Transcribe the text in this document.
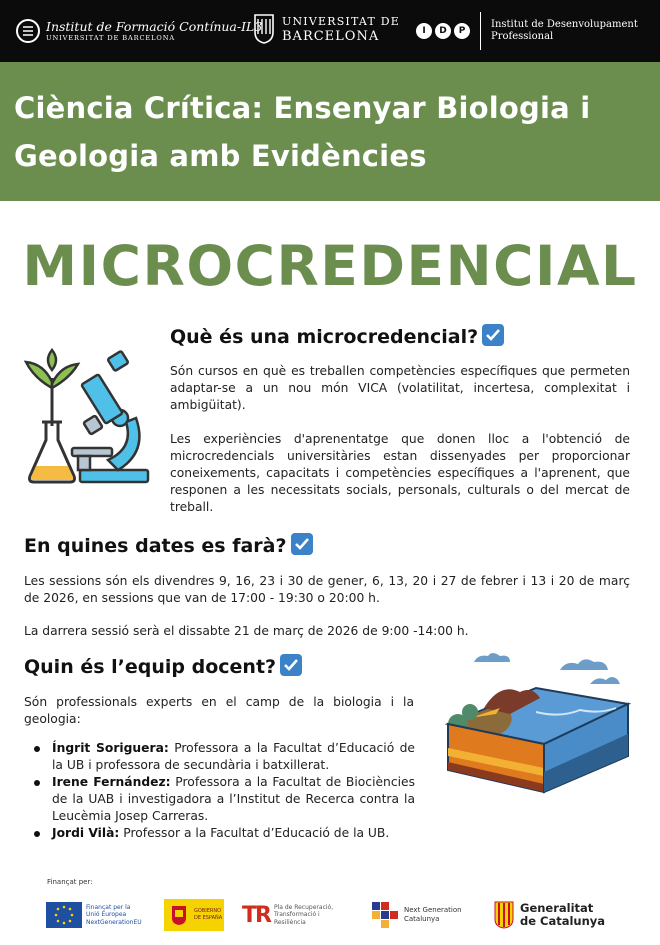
Institut de Formació Contínua-IL3
UNIVERSITAT DE BARCELONA
UNIVERSITAT DE
BARCELONA	I	D	P
Institut de Desenvolupament
Professional
Ciència Crítica: Ensenyar Biologia i Geologia amb Evidències
MICROCREDENCIAL
Què és una microcredencial?
Són cursos en què es treballen competències específiques que permeten adaptar-se a un nou món VICA (volatilitat, incertesa, complexitat i ambigüitat).
Les experiències d'aprenentatge que donen lloc a l'obtenció de microcredencials universitàries estan dissenyades per proporcionar coneixements, capacitats i competències específiques a l'aprenent, que responen a les necessitats socials, personals, culturals o del mercat de treball.
En quines dates es farà?
Les sessions són els divendres 9, 16, 23 i 30 de gener, 6, 13, 20 i 27 de febrer i 13 i 20 de març de 2026, en sessions que van de 17:00 - 19:30 o 20:00 h.
La darrera sessió serà el dissabte 21 de març de 2026 de 9:00 -14:00 h.
Quin és l’equip docent?
Són professionals experts en el camp de la biologia i la geologia:
Íngrit Soriguera: Professora a la Facultat d’Educació de la UB i professora de secundària i batxillerat.
Irene Fernández: Professora a la Facultat de Biociències de la UAB i investigadora a l’Institut de Recerca contra la Leucèmia Josep Carreras.
Jordi Vilà: Professor a la Facultat d’Educació de la UB.
Finançat per:
Finançat per la Unió Europea NextGenerationEU
GOBIERNO DE ESPAÑA TR Pla de Recuperació, Transformació i Resiliència
Next Generation Catalunya
Generalitat
de Catalunya
